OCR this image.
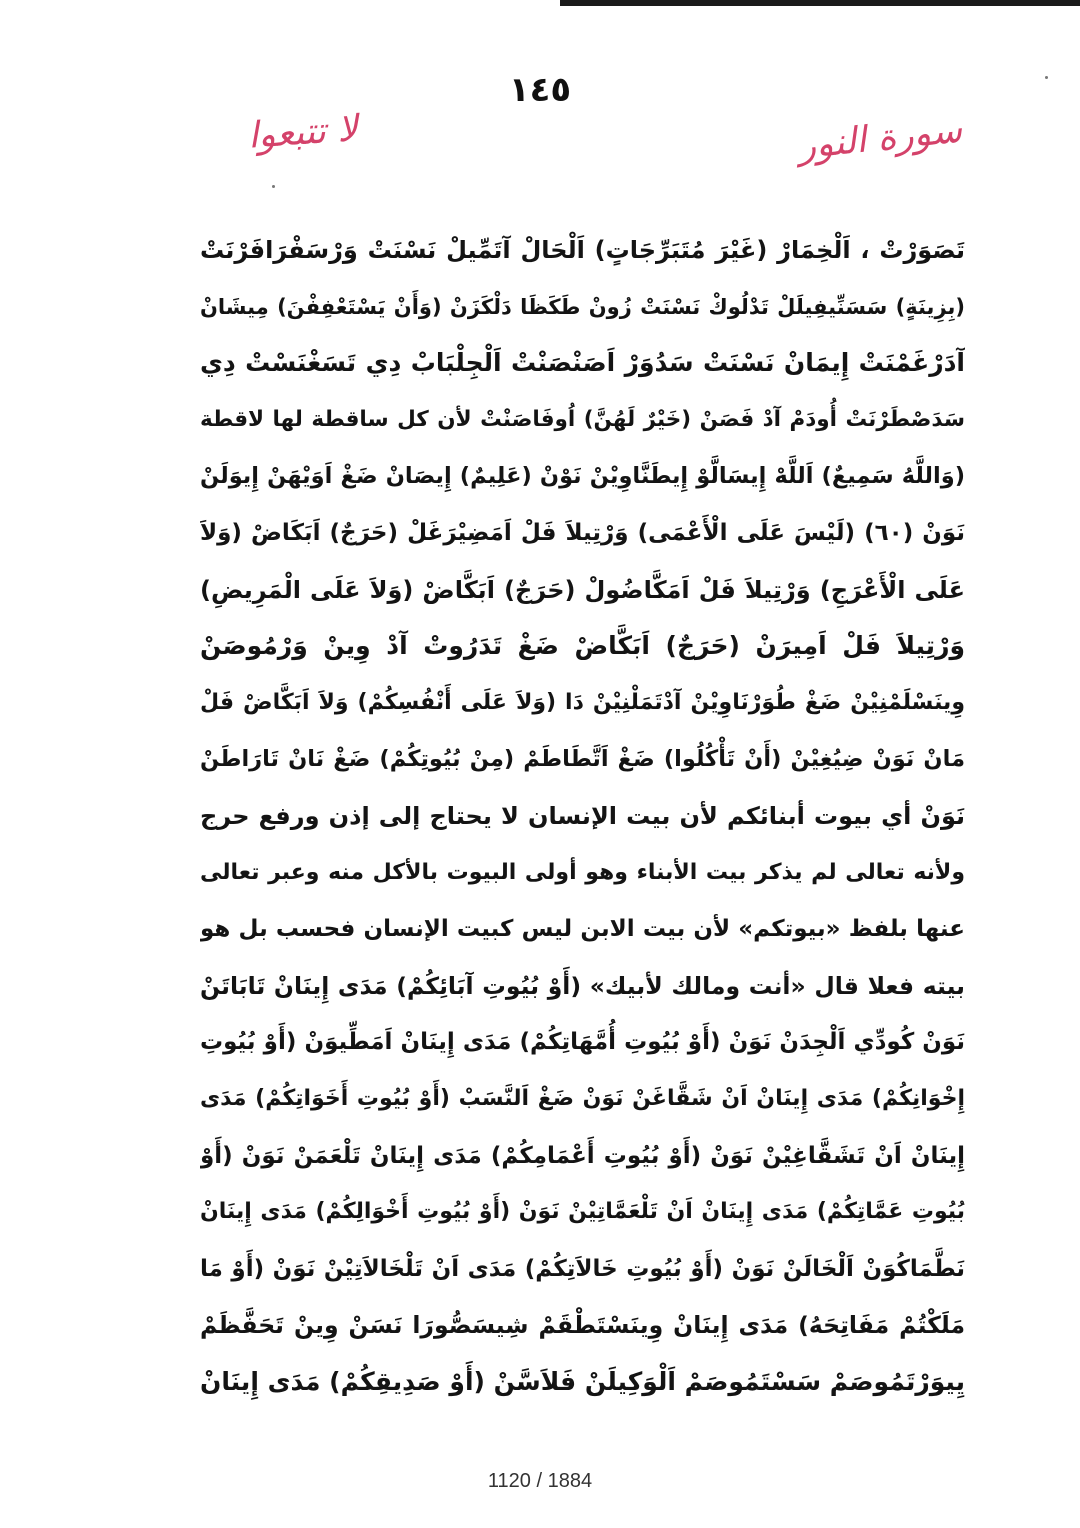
١٤٥
سورة النور
لا تتبعوا
تَصَوَرْتْ ، اَلْخِمَارْ (غَيْرَ مُتَبَرِّجَاتٍ) اَلْحَالْ آتَمِّيلْ نَسْنَتْ وَرْسَفْرَافَرْنَتْ
(بِزِينَةٍ) سَسَنِّيفِيلَلْ تَدْلُوكْ نَسْنَتْ زُونْ طَكَظَا دَلْكَزَنْ (وَأَنْ يَسْتَعْفِفْنَ) مِيشَانْ
آدَرْغَمْنَتْ إِيمَانْ نَسْنَتْ سَدُوَرْ اَصَنْصَنْتْ اَلْجِلْبَابْ دِي تَسَغْنَسْتْ دِي
سَدَصْطَرْنَتْ أُودَمْ آدْ فَصَنْ (خَيْرٌ لَهُنَّ) اُوفَاصَنْتْ لأن كل ساقطة لها لاقطة
(وَاللَّهُ سَمِيعٌ) اَللَّهْ إِيسَالَّوْ إِيطَنَّاوِيْنْ نَوْنْ (عَلِيمٌ) إِيصَانْ ضَغْ اَوَيْهَنْ إِيوَلَنْ
نَوَنْ (٦٠) (لَيْسَ عَلَى الْأَعْمَى) وَرْتِيلاَ فَلْ اَمَضِيْرَغَلْ (حَرَجٌ) اَبَكَاضْ (وَلاَ
عَلَى الْأَعْرَجِ) وَرْتِيلاَ فَلْ اَمَكَّاضُولْ (حَرَجٌ) اَبَكَّاضْ (وَلاَ عَلَى الْمَرِيضِ)
وَرْتِيلاَ فَلْ اَمِيرَنْ (حَرَجٌ) اَبَكَّاضْ ضَغْ تَدَرُوتْ آدْ وِينْ وَرْمُوصَنْ
وِينَسْلَمْنِيْنْ ضَغْ طُوَرْنَاوِيْنْ آدْتَمَلْنِيْنْ دَا (وَلاَ عَلَى أَنْفُسِكُمْ) وَلاَ اَبَكَّاضْ فَلْ
مَانْ نَوَنْ ضِيُغِيْنْ (أَنْ تَأْكُلُوا) ضَغْ اَتَّطَاطَمْ (مِنْ بُيُوتِكُمْ) ضَغْ نَانْ تَارَاطَنْ
نَوَنْ أي بيوت أبنائكم لأن بيت الإنسان لا يحتاج إلى إذن ورفع حرج
ولأنه تعالى لم يذكر بيت الأبناء وهو أولى البيوت بالأكل منه وعبر تعالى
عنها بلفظ «بيوتكم» لأن بيت الابن ليس كبيت الإنسان فحسب بل هو
بيته فعلا قال «أنت ومالك لأبيك» (أَوْ بُيُوتِ آبَائِكُمْ) مَدَى إِينَانْ تَابَاتَنْ
نَوَنْ كُودِّي اَلْجِدَنْ نَوَنْ (أَوْ بُيُوتِ أُمَّهَاتِكُمْ) مَدَى إِينَانْ اَمَطِّيوَنْ (أَوْ بُيُوتِ
إِخْوَانِكُمْ) مَدَى إِينَانْ اَنْ شَقَّاغَنْ نَوَنْ ضَغْ اَلنَّسَبْ (أَوْ بُيُوتِ أَخَوَاتِكُمْ) مَدَى
إِينَانْ اَنْ تَشَقَّاغِيْنْ نَوَنْ (أَوْ بُيُوتِ أَعْمَامِكُمْ) مَدَى إِينَانْ تَلْعَمَنْ نَوَنْ (أَوْ
بُيُوتِ عَمَّاتِكُمْ) مَدَى إِينَانْ اَنْ تَلْعَمَّاتِيْنْ نَوَنْ (أَوْ بُيُوتِ أَخْوَالِكُمْ) مَدَى إِينَانْ
نَطَّمَاكُوَنْ اَلْخَالَنْ نَوَنْ (أَوْ بُيُوتِ خَالاَتِكُمْ) مَدَى اَنْ تَلْخَالاَتِيْنْ نَوَنْ (أَوْ مَا
مَلَكْتُمْ مَفَاتِحَهُ) مَدَى إِينَانْ وِينَسْتَطْقَمْ شِيسَصُّورَا نَسَنْ وِينْ تَحَفَّظَمْ
يِيوَرْتَمُوصَمْ سَسْتَمُوصَمْ اَلْوَكِيلَنْ فَلاَسَّنْ (أَوْ صَدِيقِكُمْ) مَدَى إِينَانْ
1120 / 1884
